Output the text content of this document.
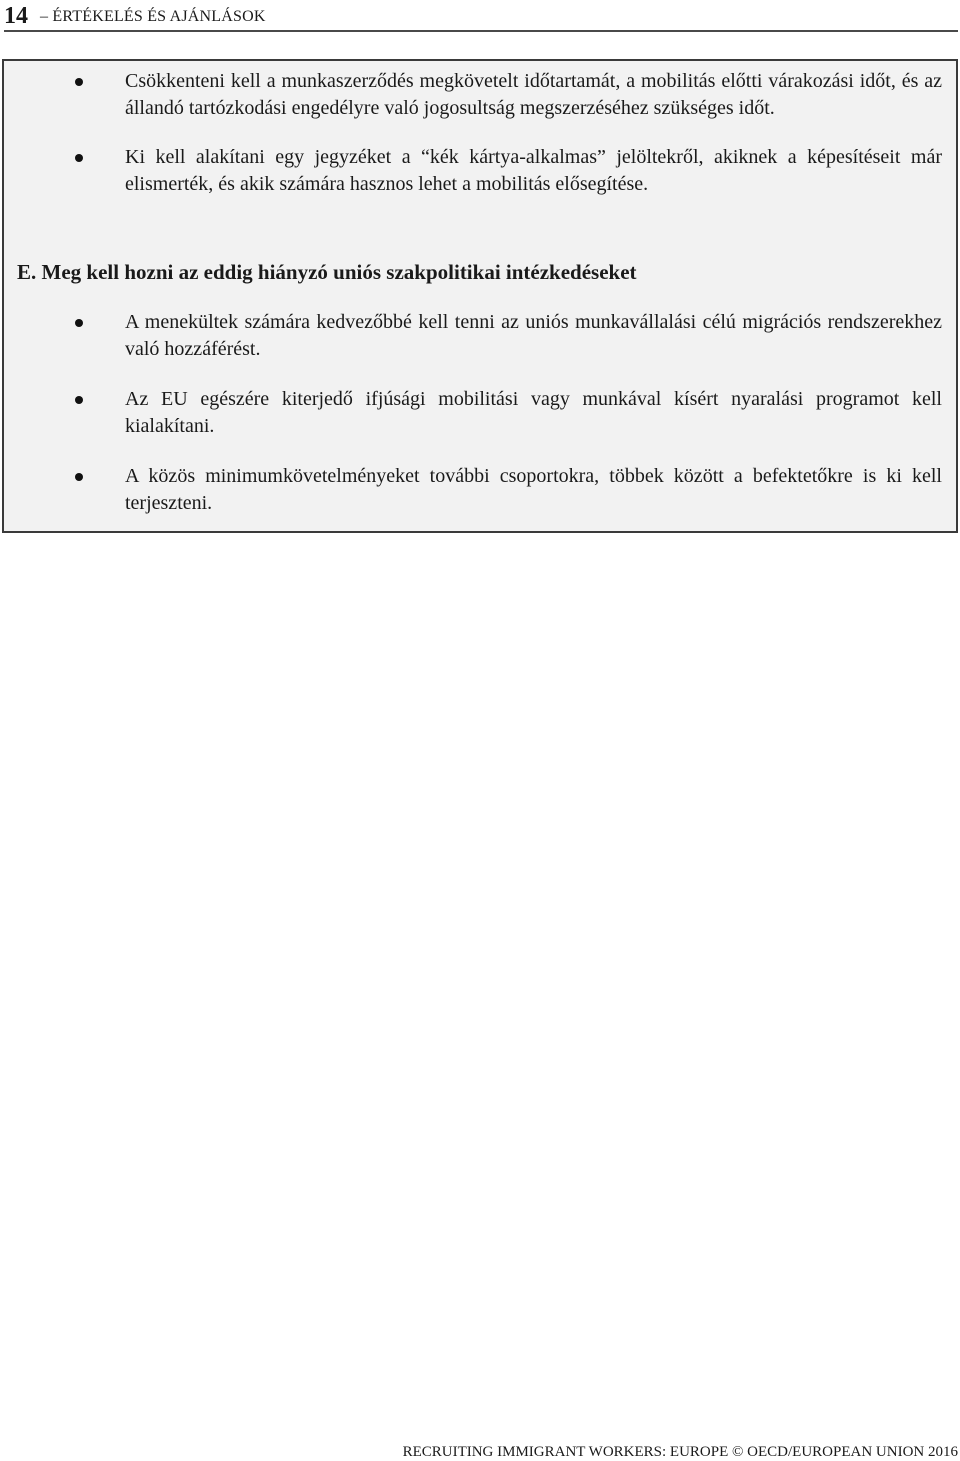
14 – ÉRTÉKELÉS ÉS AJÁNLÁSOK
Csökkenteni kell a munkaszerződés megkövetelt időtartamát, a mobilitás előtti várakozási időt, és az állandó tartózkodási engedélyre való jogosultság megszerzéséhez szükséges időt.
Ki kell alakítani egy jegyzéket a “kék kártya-alkalmas” jelöltekről, akiknek a képesítéseit már elismerték, és akik számára hasznos lehet a mobilitás elősegítése.
E. Meg kell hozni az eddig hiányzó uniós szakpolitikai intézkedéseket
A menekültek számára kedvezőbbé kell tenni az uniós munkavállalási célú migrációs rendszerekhez való hozzáférést.
Az EU egészére kiterjedő ifjúsági mobilitási vagy munkával kísért nyaralási programot kell kialakítani.
A közös minimumkövetelményeket további csoportokra, többek között a befektetőkre is ki kell terjeszteni.
RECRUITING IMMIGRANT WORKERS: EUROPE © OECD/EUROPEAN UNION 2016
